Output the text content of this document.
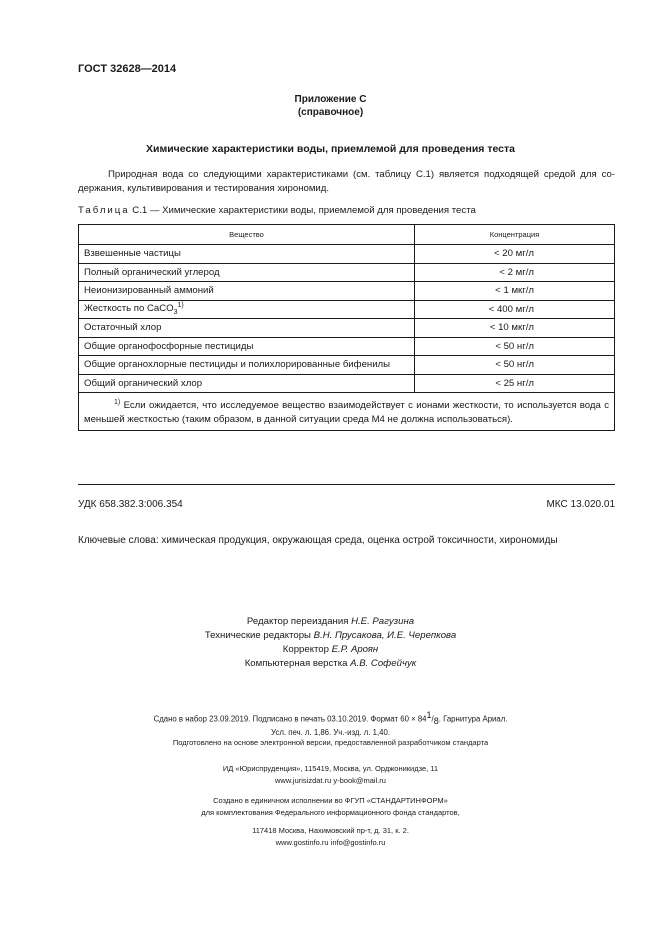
ГОСТ 32628—2014
Приложение С
(справочное)
Химические характеристики воды, приемлемой для проведения теста
Природная вода со следующими характеристиками (см. таблицу С.1) является подходящей средой для со-держания, культивирования и тестирования хирономид.
Таблица С.1 — Химические характеристики воды, приемлемой для проведения теста
Вещество	Концентрация
Взвешенные частицы	< 20 мг/л
Полный органический углерод	< 2 мг/л
Неионизированный аммоний	< 1 мкг/л
Жесткость по CaCO$_3^{1)}$	< 400 мг/л
Остаточный хлор	< 10 мкг/л
Общие органофосфорные пестициды	< 50 нг/л
Общие органохлорные пестициды и полихлорированные бифенилы	< 50 нг/л
Общий органический хлор	< 25 нг/л
$^{1)}$ Если ожидается, что исследуемое вещество взаимодействует с ионами жесткости, то используется вода с меньшей жесткостью (таким образом, в данной ситуации среда М4 не должна использоваться).	
УДК 658.382.3:006.354	МКС 13.020.01
Ключевые слова: химическая продукция, окружающая среда, оценка острой токсичности, хирономиды
Редактор переиздания Н.Е. Рагузина
Технические редакторы В.Н. Прусакова, И.Е. Черепкова
Корректор Е.Р. Ароян
Компьютерная верстка А.В. Софейчук
Сдано в набор 23.09.2019. Подписано в печать 03.10.2019. Формат $60 \times 84^1/_8$. Гарнитура Ариал.
Усл. печ. л. 1,86. Уч.-изд. л. 1,40.
Подготовлено на основе электронной версии, предоставленной разработчиком стандарта
ИД «Юриспруденция», 115419, Москва, ул. Орджоникидзе, 11
www.jurisizdat.ru y-book@mail.ru
Создано в единичном исполнении во ФГУП «СТАНДАРТИНФОРМ»
для комплектования Федерального информационного фонда стандартов,
117418 Москва, Нахимовский пр-т, д. 31, к. 2.
www.gostinfo.ru info@gostinfo.ru
